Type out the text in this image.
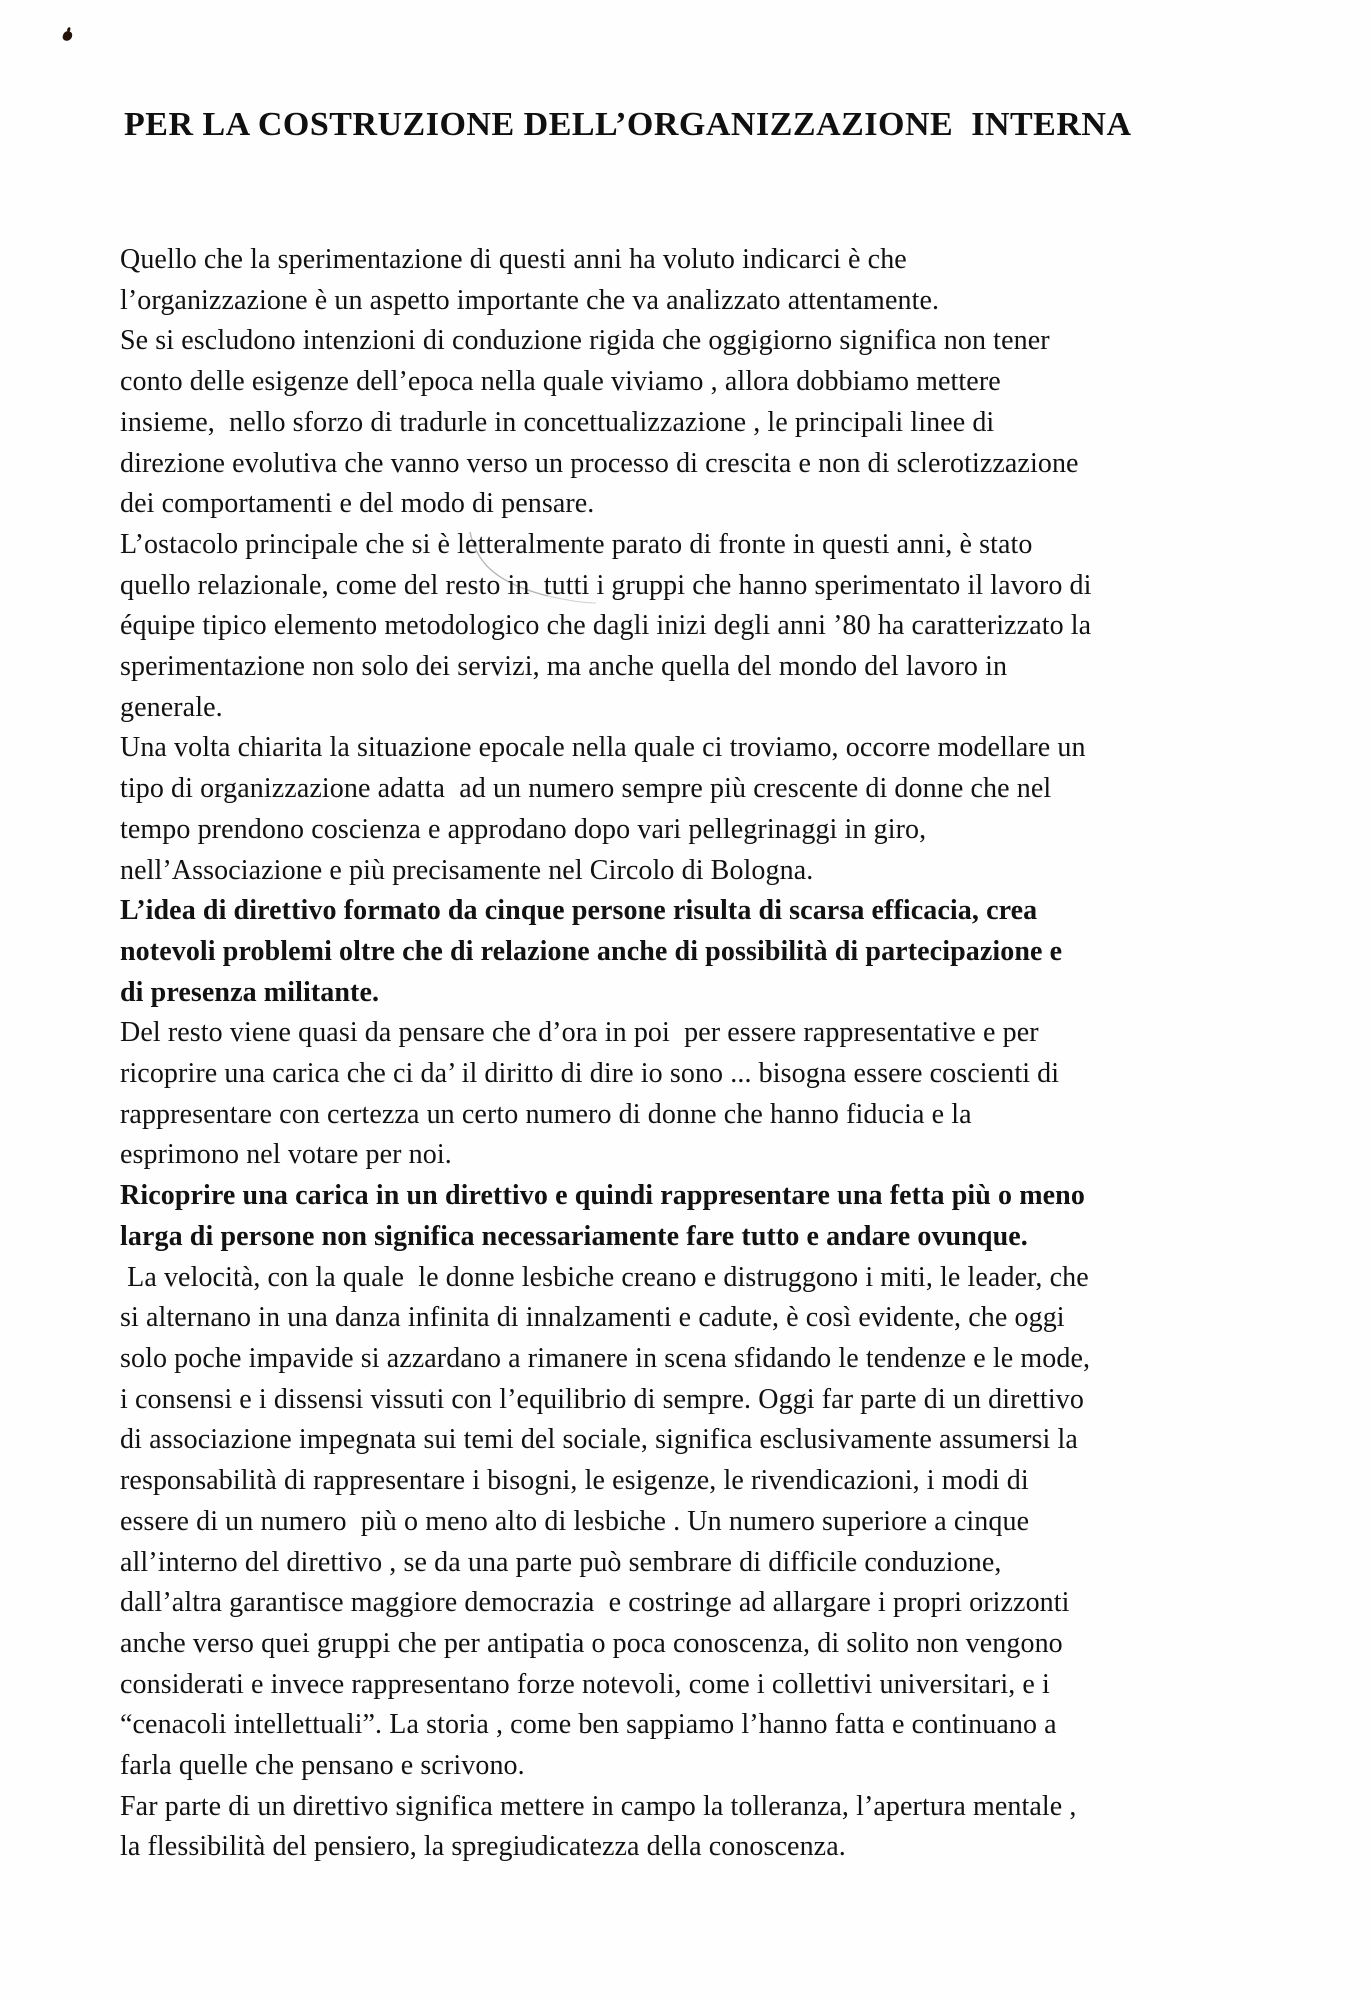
PER LA COSTRUZIONE DELL’ORGANIZZAZIONE  INTERNA
Quello che la sperimentazione di questi anni ha voluto indicarci è che
l’organizzazione è un aspetto importante che va analizzato attentamente.
Se si escludono intenzioni di conduzione rigida che oggigiorno significa non tener
conto delle esigenze dell’epoca nella quale viviamo , allora dobbiamo mettere
insieme,  nello sforzo di tradurle in concettualizzazione , le principali linee di
direzione evolutiva che vanno verso un processo di crescita e non di sclerotizzazione
dei comportamenti e del modo di pensare.
L’ostacolo principale che si è letteralmente parato di fronte in questi anni, è stato
quello relazionale, come del resto in  tutti i gruppi che hanno sperimentato il lavoro di
équipe tipico elemento metodologico che dagli inizi degli anni ’80 ha caratterizzato la
sperimentazione non solo dei servizi, ma anche quella del mondo del lavoro in
generale.
Una volta chiarita la situazione epocale nella quale ci troviamo, occorre modellare un
tipo di organizzazione adatta  ad un numero sempre più crescente di donne che nel
tempo prendono coscienza e approdano dopo vari pellegrinaggi in giro,
nell’Associazione e più precisamente nel Circolo di Bologna.
L’idea di direttivo formato da cinque persone risulta di scarsa efficacia, crea
notevoli problemi oltre che di relazione anche di possibilità di partecipazione e
di presenza militante.
Del resto viene quasi da pensare che d’ora in poi  per essere rappresentative e per
ricoprire una carica che ci da’ il diritto di dire io sono ... bisogna essere coscienti di
rappresentare con certezza un certo numero di donne che hanno fiducia e la
esprimono nel votare per noi.
Ricoprire una carica in un direttivo e quindi rappresentare una fetta più o meno
larga di persone non significa necessariamente fare tutto e andare ovunque.
La velocità, con la quale  le donne lesbiche creano e distruggono i miti, le leader, che
si alternano in una danza infinita di innalzamenti e cadute, è così evidente, che oggi
solo poche impavide si azzardano a rimanere in scena sfidando le tendenze e le mode,
i consensi e i dissensi vissuti con l’equilibrio di sempre. Oggi far parte di un direttivo
di associazione impegnata sui temi del sociale, significa esclusivamente assumersi la
responsabilità di rappresentare i bisogni, le esigenze, le rivendicazioni, i modi di
essere di un numero  più o meno alto di lesbiche . Un numero superiore a cinque
all’interno del direttivo , se da una parte può sembrare di difficile conduzione,
dall’altra garantisce maggiore democrazia  e costringe ad allargare i propri orizzonti
anche verso quei gruppi che per antipatia o poca conoscenza, di solito non vengono
considerati e invece rappresentano forze notevoli, come i collettivi universitari, e i
“cenacoli intellettuali”. La storia , come ben sappiamo l’hanno fatta e continuano a
farla quelle che pensano e scrivono.
Far parte di un direttivo significa mettere in campo la tolleranza, l’apertura mentale ,
la flessibilità del pensiero, la spregiudicatezza della conoscenza.
